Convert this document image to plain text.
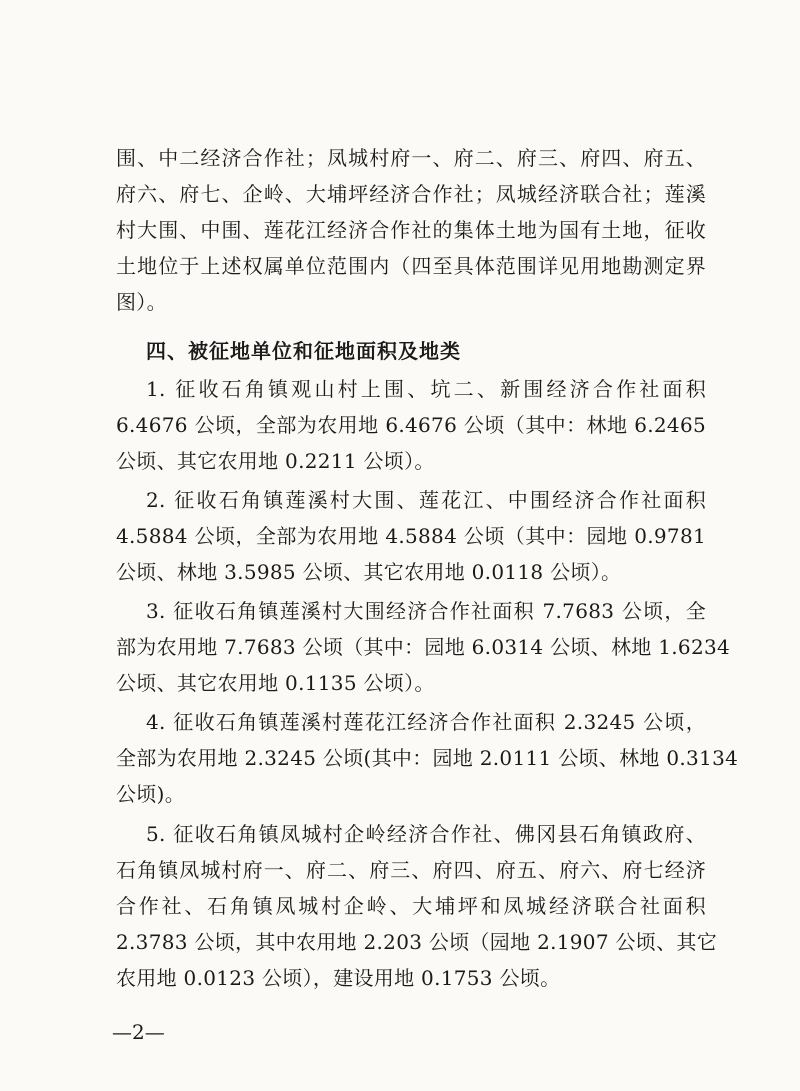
围、中二经济合作社；凤城村府一、府二、府三、府四、府五、
府六、府七、企岭、大埔坪经济合作社；凤城经济联合社；莲溪
村大围、中围、莲花江经济合作社的集体土地为国有土地，征收
土地位于上述权属单位范围内（四至具体范围详见用地勘测定界
图）。
四、被征地单位和征地面积及地类
1. 征收石角镇观山村上围、坑二、新围经济合作社面积
6.4676 公顷，全部为农用地 6.4676 公顷（其中：林地 6.2465
公顷、其它农用地 0.2211 公顷）。
2. 征收石角镇莲溪村大围、莲花江、中围经济合作社面积
4.5884 公顷，全部为农用地 4.5884 公顷（其中：园地 0.9781
公顷、林地 3.5985 公顷、其它农用地 0.0118 公顷）。
3. 征收石角镇莲溪村大围经济合作社面积 7.7683 公顷，全
部为农用地 7.7683 公顷（其中：园地 6.0314 公顷、林地 1.6234
公顷、其它农用地 0.1135 公顷）。
4. 征收石角镇莲溪村莲花江经济合作社面积 2.3245 公顷，
全部为农用地 2.3245 公顷(其中：园地 2.0111 公顷、林地 0.3134
公顷)。
5. 征收石角镇凤城村企岭经济合作社、佛冈县石角镇政府、
石角镇凤城村府一、府二、府三、府四、府五、府六、府七经济
合作社、石角镇凤城村企岭、大埔坪和凤城经济联合社面积
2.3783 公顷，其中农用地 2.203 公顷（园地 2.1907 公顷、其它
农用地 0.0123 公顷），建设用地 0.1753 公顷。
—2—
